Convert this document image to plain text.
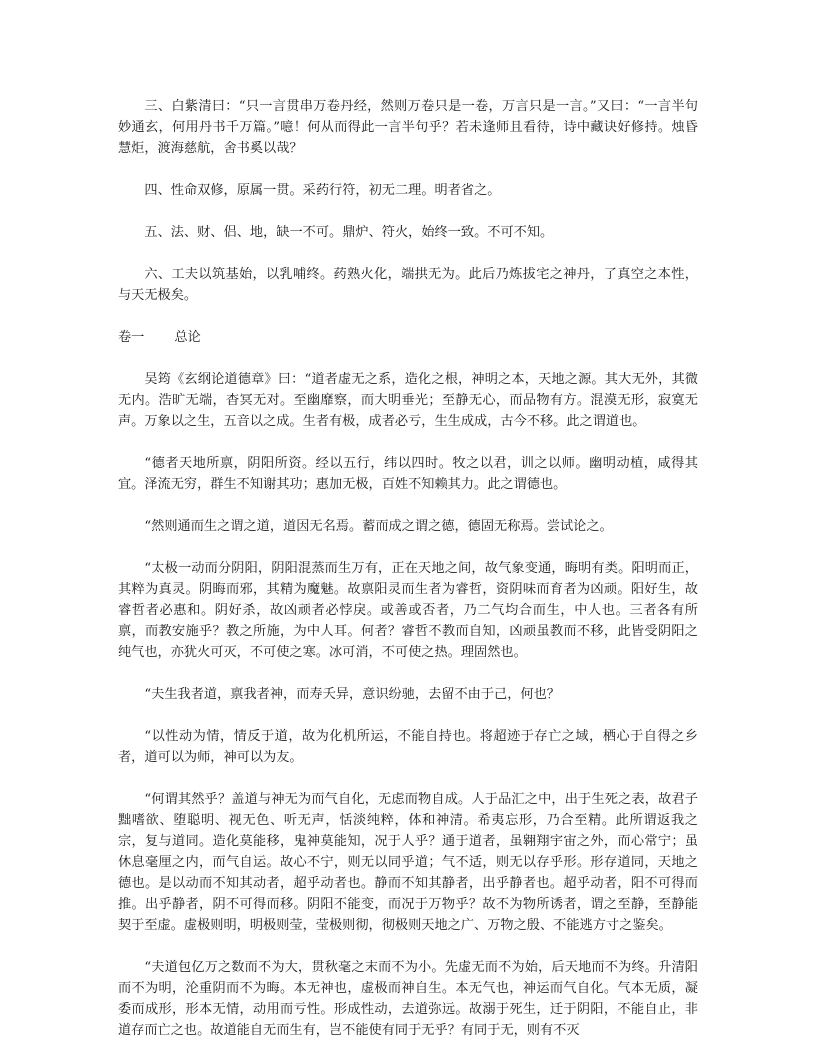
三、白紫清曰：“只一言贯串万卷丹经，然则万卷只是一卷，万言只是一言。”又曰：“一言半句妙通玄，何用丹书千万篇。”噫！何从而得此一言半句乎？若未逢师且看待，诗中藏诀好修持。烛昏慧炬，渡海慈航，舍书奚以哉？

四、性命双修，原属一贯。采药行符，初无二理。明者省之。

五、法、财、侣、地，缺一不可。鼎炉、符火，始终一致。不可不知。

六、工夫以筑基始，以乳哺终。药熟火化，端拱无为。此后乃炼拔宅之神丹，了真空之本性，与天无极矣。

卷一 总论

吴筠《玄纲论道德章》曰：“道者虚无之系，造化之根，神明之本，天地之源。其大无外，其微无内。浩旷无端，杳冥无对。至幽靡察，而大明垂光；至静无心，而品物有方。混漠无形，寂寞无声。万象以之生，五音以之成。生者有极，成者必亏，生生成成，古今不移。此之谓道也。

“德者天地所禀，阴阳所资。经以五行，纬以四时。牧之以君，训之以师。幽明动植，咸得其宜。泽流无穷，群生不知谢其功；惠加无极，百姓不知赖其力。此之谓德也。

“然则通而生之谓之道，道因无名焉。蓄而成之谓之德，德固无称焉。尝试论之。

“太极一动而分阴阳，阴阳混蒸而生万有，正在天地之间，故气象变通，晦明有类。阳明而正，其粹为真灵。阴晦而邪，其精为魔魅。故禀阳灵而生者为睿哲，资阴味而育者为凶顽。阳好生，故睿哲者必惠和。阴好杀，故凶顽者必悖戾。或善或否者，乃二气均合而生，中人也。三者各有所禀，而教安施乎？教之所施，为中人耳。何者？睿哲不教而自知，凶顽虽教而不移，此皆受阴阳之纯气也，亦犹火可灭，不可使之寒。冰可消，不可使之热。理固然也。

“夫生我者道，禀我者神，而寿夭异，意识纷驰，去留不由于己，何也？

“以性动为情，情反于道，故为化机所运，不能自持也。将超迹于存亡之域，栖心于自得之乡者，道可以为师，神可以为友。

“何谓其然乎？盖道与神无为而气自化，无虑而物自成。人于品汇之中，出于生死之表，故君子黜嗜欲、堕聪明、视无色、听无声，恬淡纯粹，体和神清。希夷忘形，乃合至精。此所谓返我之宗，复与道同。造化莫能移，鬼神莫能知，况于人乎？通于道者，虽翱翔宇宙之外，而心常宁；虽休息毫厘之内，而气自运。故心不宁，则无以同乎道；气不适，则无以存乎形。形存道同，天地之德也。是以动而不知其动者，超乎动者也。静而不知其静者，出乎静者也。超乎动者，阳不可得而推。出乎静者，阴不可得而移。阴阳不能变，而况于万物乎？故不为物所诱者，谓之至静，至静能契于至虚。虚极则明，明极则莹，莹极则彻，彻极则天地之广、万物之殷、不能逃方寸之鉴矣。

“夫道包亿万之数而不为大，贯秋毫之末而不为小。先虚无而不为始，后天地而不为终。升清阳而不为明，沦重阴而不为晦。本无神也，虚极而神自生。本无气也，神运而气自化。气本无质，凝委而成形，形本无情，动用而亏性。形成性动，去道弥远。故溺于死生，迁于阴阳，不能自止，非道存而亡之也。故道能自无而生有，岂不能使有同于无乎？有同于无，则有不灭
